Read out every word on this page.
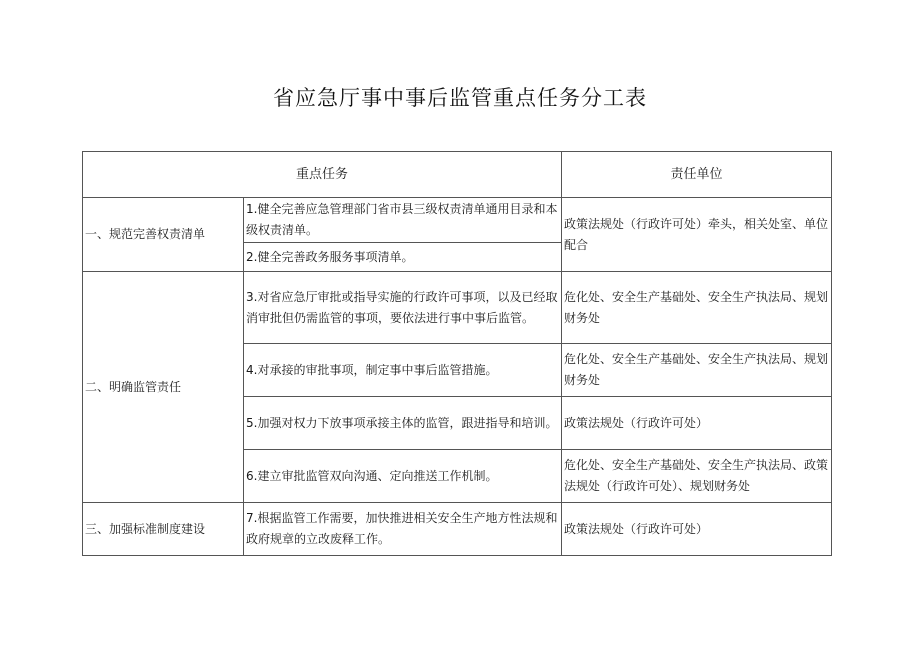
省应急厅事中事后监管重点任务分工表
重点任务		责任单位
一、规范完善权责清单	1.健全完善应急管理部门省市县三级权责清单通用目录和本级权责清单。	政策法规处（行政许可处）牵头，相关处室、单位配合
	2.健全完善政务服务事项清单。	
二、明确监管责任	3.对省应急厅审批或指导实施的行政许可事项，以及已经取消审批但仍需监管的事项，要依法进行事中事后监管。	危化处、安全生产基础处、安全生产执法局、规划财务处
	4.对承接的审批事项，制定事中事后监管措施。	危化处、安全生产基础处、安全生产执法局、规划财务处
	5.加强对权力下放事项承接主体的监管，跟进指导和培训。	政策法规处（行政许可处）
	6.建立审批监管双向沟通、定向推送工作机制。	危化处、安全生产基础处、安全生产执法局、政策法规处（行政许可处）、规划财务处
三、加强标准制度建设	7.根据监管工作需要，加快推进相关安全生产地方性法规和政府规章的立改废释工作。	政策法规处（行政许可处）
